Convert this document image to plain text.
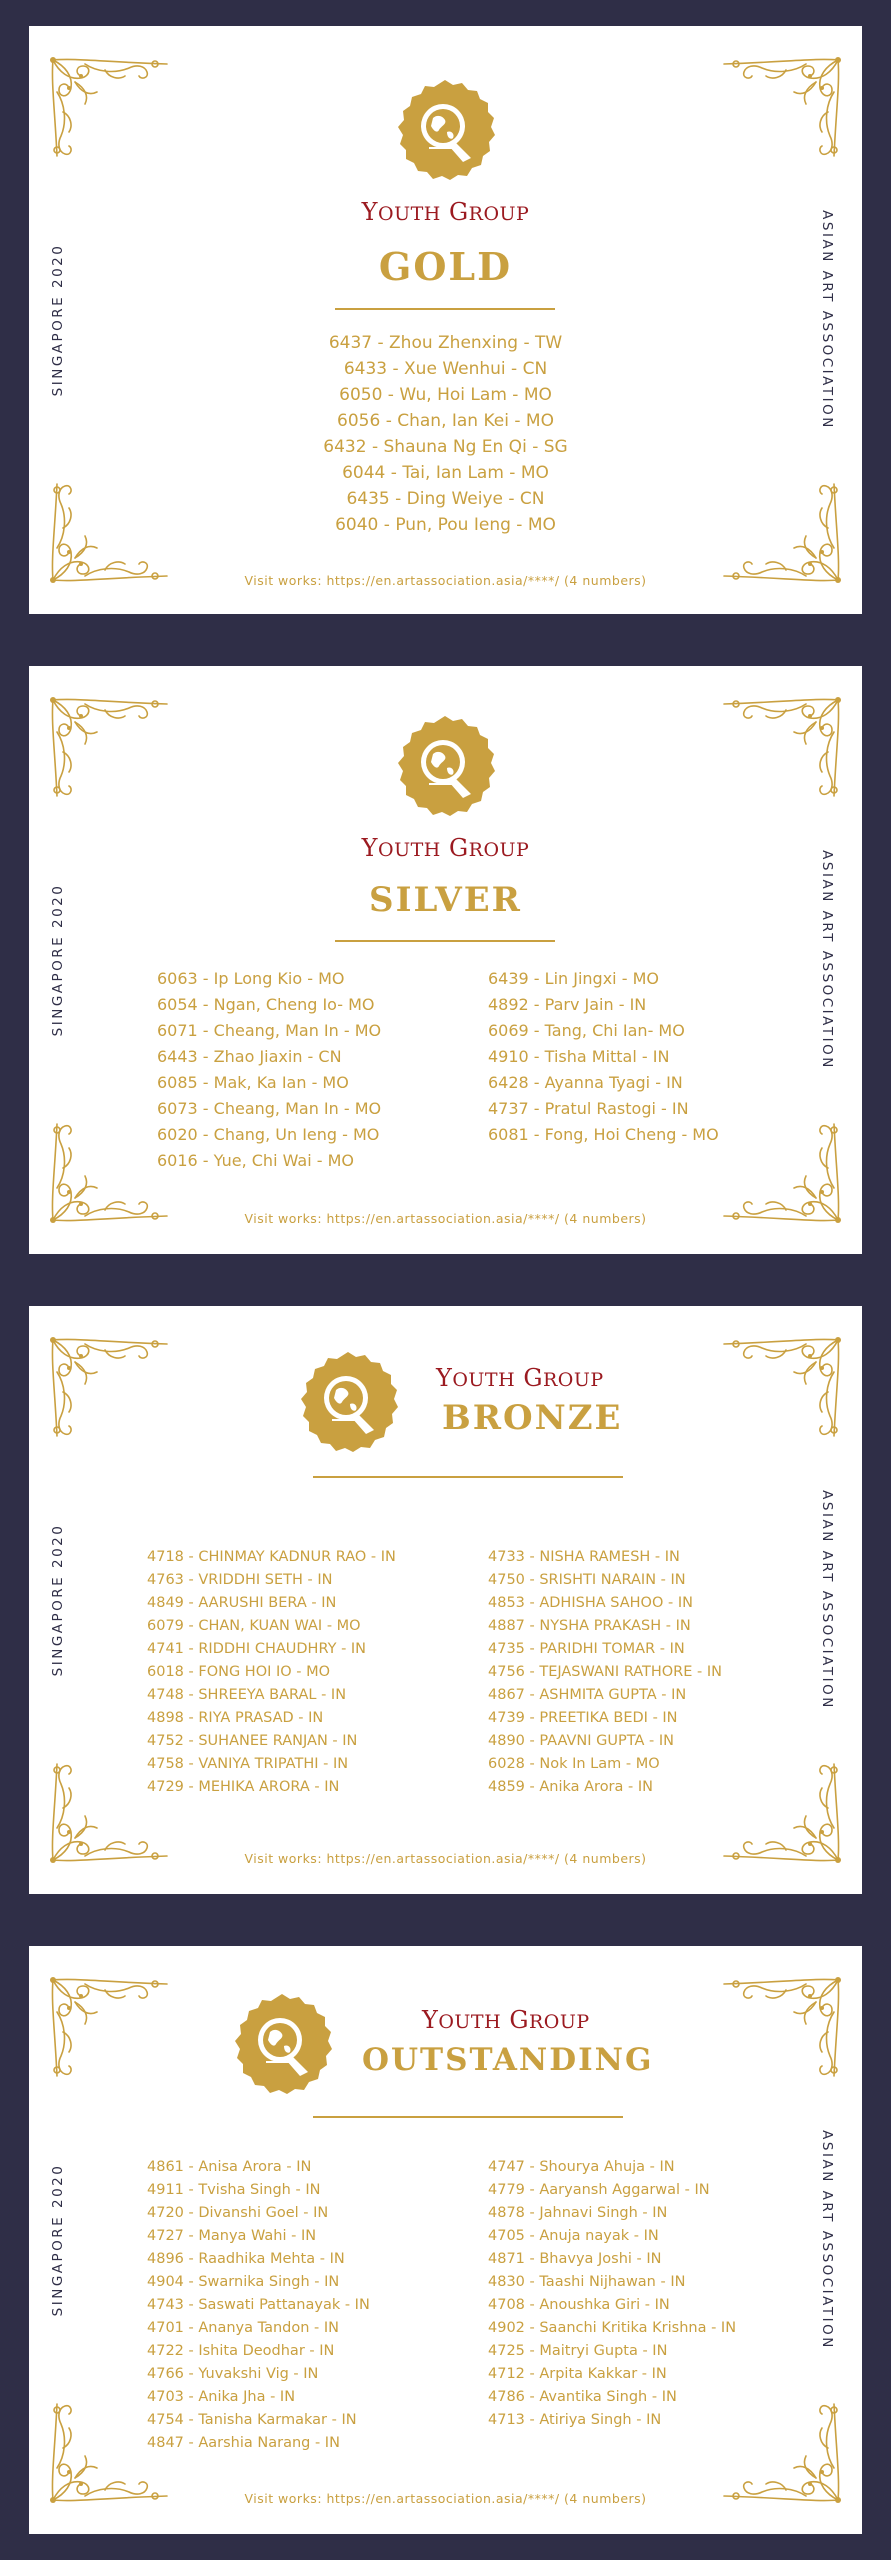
SINGAPORE 2020	ASIAN ART ASSOCIATION
YOUTH GROUP
GOLD
6437 - Zhou Zhenxing - TW
6433 - Xue Wenhui - CN
6050 - Wu, Hoi Lam - MO
6056 - Chan, Ian Kei - MO
6432 - Shauna Ng En Qi - SG
6044 - Tai, Ian Lam - MO
6435 - Ding Weiye - CN
6040 - Pun, Pou Ieng - MO
Visit works: https://en.artassociation.asia/****/ (4 numbers)
SINGAPORE 2020	ASIAN ART ASSOCIATION
YOUTH GROUP
SILVER
6063 - Ip Long Kio - MO
6054 - Ngan, Cheng Io- MO
6071 - Cheang, Man In - MO
6443 - Zhao Jiaxin - CN
6085 - Mak, Ka Ian - MO
6073 - Cheang, Man In - MO
6020 - Chang, Un Ieng - MO
6016 - Yue, Chi Wai - MO
6439 - Lin Jingxi - MO
4892 - Parv Jain - IN
6069 - Tang, Chi Ian- MO
4910 - Tisha Mittal - IN
6428 - Ayanna Tyagi - IN
4737 - Pratul Rastogi - IN
6081 - Fong, Hoi Cheng - MO
Visit works: https://en.artassociation.asia/****/ (4 numbers)
SINGAPORE 2020	ASIAN ART ASSOCIATION
YOUTH GROUP
BRONZE
4718 - CHINMAY KADNUR RAO - IN
4763 - VRIDDHI SETH - IN
4849 - AARUSHI BERA - IN
6079 - CHAN, KUAN WAI - MO
4741 - RIDDHI CHAUDHRY - IN
6018 - FONG HOI IO - MO
4748 - SHREEYA BARAL - IN
4898 - RIYA PRASAD - IN
4752 - SUHANEE RANJAN - IN
4758 - VANIYA TRIPATHI - IN
4729 - MEHIKA ARORA - IN
4733 - NISHA RAMESH - IN
4750 - SRISHTI NARAIN - IN
4853 - ADHISHA SAHOO - IN
4887 - NYSHA PRAKASH - IN
4735 - PARIDHI TOMAR - IN
4756 - TEJASWANI RATHORE - IN
4867 - ASHMITA GUPTA - IN
4739 - PREETIKA BEDI - IN
4890 - PAAVNI GUPTA - IN
6028 - Nok In Lam - MO
4859 - Anika Arora - IN
Visit works: https://en.artassociation.asia/****/ (4 numbers)
SINGAPORE 2020	ASIAN ART ASSOCIATION
YOUTH GROUP
OUTSTANDING
4861 - Anisa Arora - IN
4911 - Tvisha Singh - IN
4720 - Divanshi Goel - IN
4727 - Manya Wahi - IN
4896 - Raadhika Mehta - IN
4904 - Swarnika Singh - IN
4743 - Saswati Pattanayak - IN
4701 - Ananya Tandon - IN
4722 - Ishita Deodhar - IN
4766 - Yuvakshi Vig - IN
4703 - Anika Jha - IN
4754 - Tanisha Karmakar - IN
4847 - Aarshia Narang - IN
4747 - Shourya Ahuja - IN
4779 - Aaryansh Aggarwal - IN
4878 - Jahnavi Singh - IN
4705 - Anuja nayak - IN
4871 - Bhavya Joshi - IN
4830 - Taashi Nijhawan - IN
4708 - Anoushka Giri - IN
4902 - Saanchi Kritika Krishna - IN
4725 - Maitryi Gupta - IN
4712 - Arpita Kakkar - IN
4786 - Avantika Singh - IN
4713 - Atiriya Singh - IN
Visit works: https://en.artassociation.asia/****/ (4 numbers)
